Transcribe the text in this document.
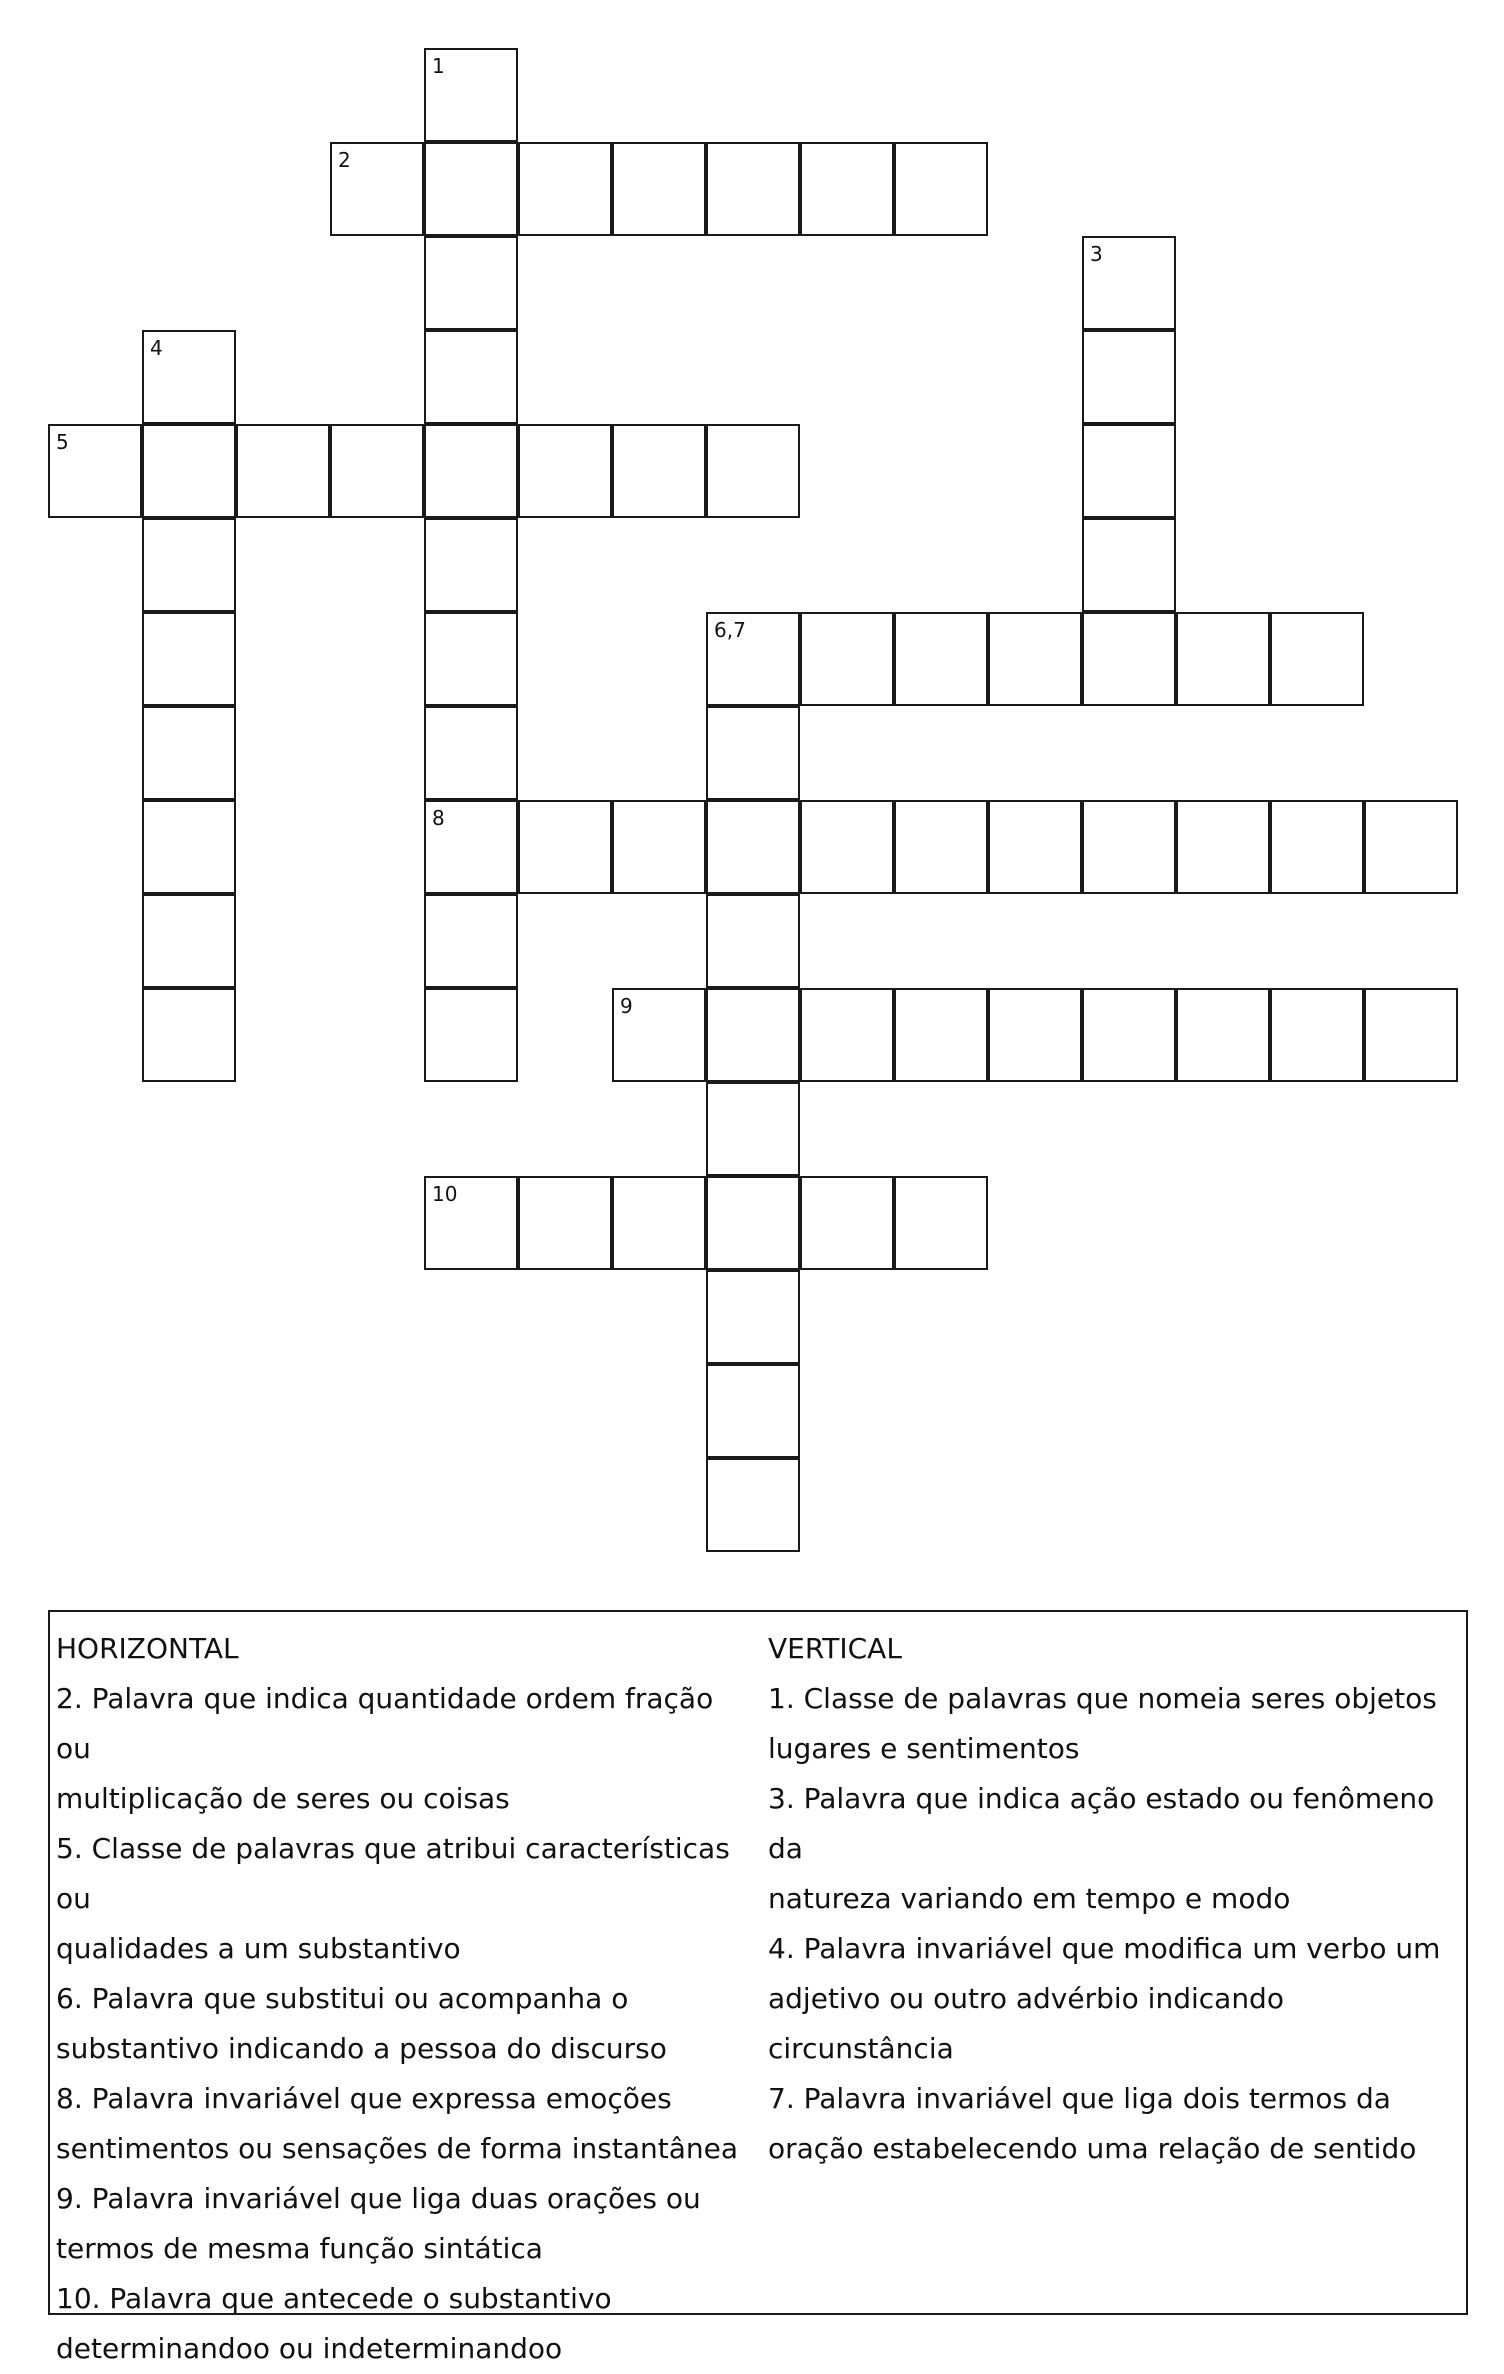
1
2
3
4
5
6,7
8
9
10
HORIZONTAL
2. Palavra que indica quantidade ordem fração ou
multiplicação de seres ou coisas
5. Classe de palavras que atribui características ou
qualidades a um substantivo
6. Palavra que substitui ou acompanha o
substantivo indicando a pessoa do discurso
8. Palavra invariável que expressa emoções
sentimentos ou sensações de forma instantânea
9. Palavra invariável que liga duas orações ou
termos de mesma função sintática
10. Palavra que antecede o substantivo
determinandoo ou indeterminandoo
VERTICAL
1. Classe de palavras que nomeia seres objetos
lugares e sentimentos
3. Palavra que indica ação estado ou fenômeno da
natureza variando em tempo e modo
4. Palavra invariável que modifica um verbo um
adjetivo ou outro advérbio indicando circunstância
7. Palavra invariável que liga dois termos da
oração estabelecendo uma relação de sentido
